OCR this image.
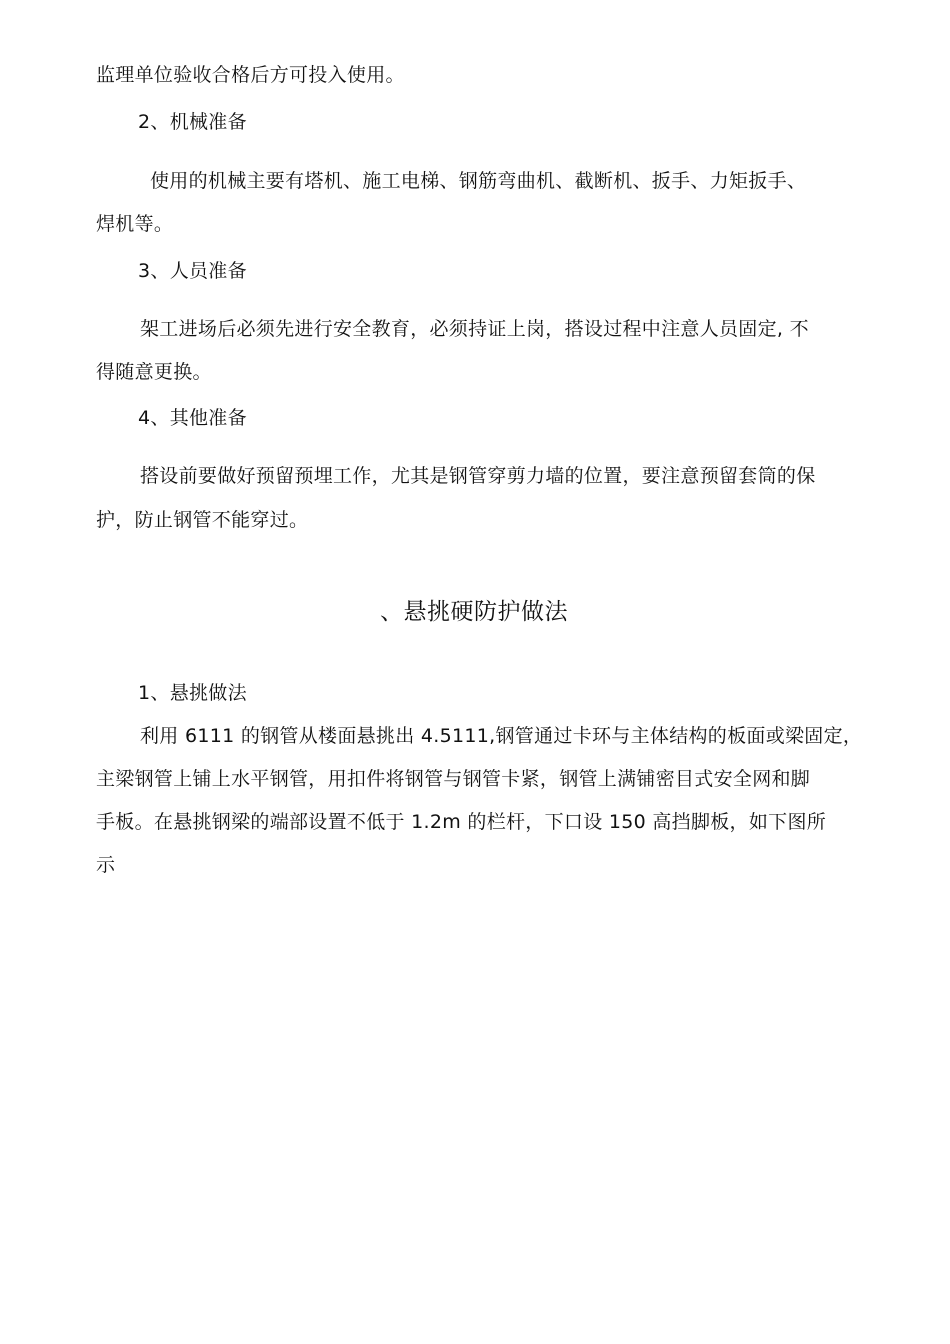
监理单位验收合格后方可投入使用。
2、机械准备
使用的机械主要有塔机、施工电梯、钢筋弯曲机、截断机、扳手、力矩扳手、
焊机等。
3、人员准备
架工进场后必须先进行安全教育，必须持证上岗，搭设过程中注意人员固定, 不
得随意更换。
4、其他准备
搭设前要做好预留预埋工作，尤其是钢管穿剪力墙的位置，要注意预留套筒的保
护，防止钢管不能穿过。
、悬挑硬防护做法
1、悬挑做法
利用 6111 的钢管从楼面悬挑出 4.5111,钢管通过卡环与主体结构的板面或梁固定，
主梁钢管上铺上水平钢管，用扣件将钢管与钢管卡紧，钢管上满铺密目式安全网和脚
手板。在悬挑钢梁的端部设置不低于 1.2m 的栏杆，下口设 150 高挡脚板，如下图所
示
